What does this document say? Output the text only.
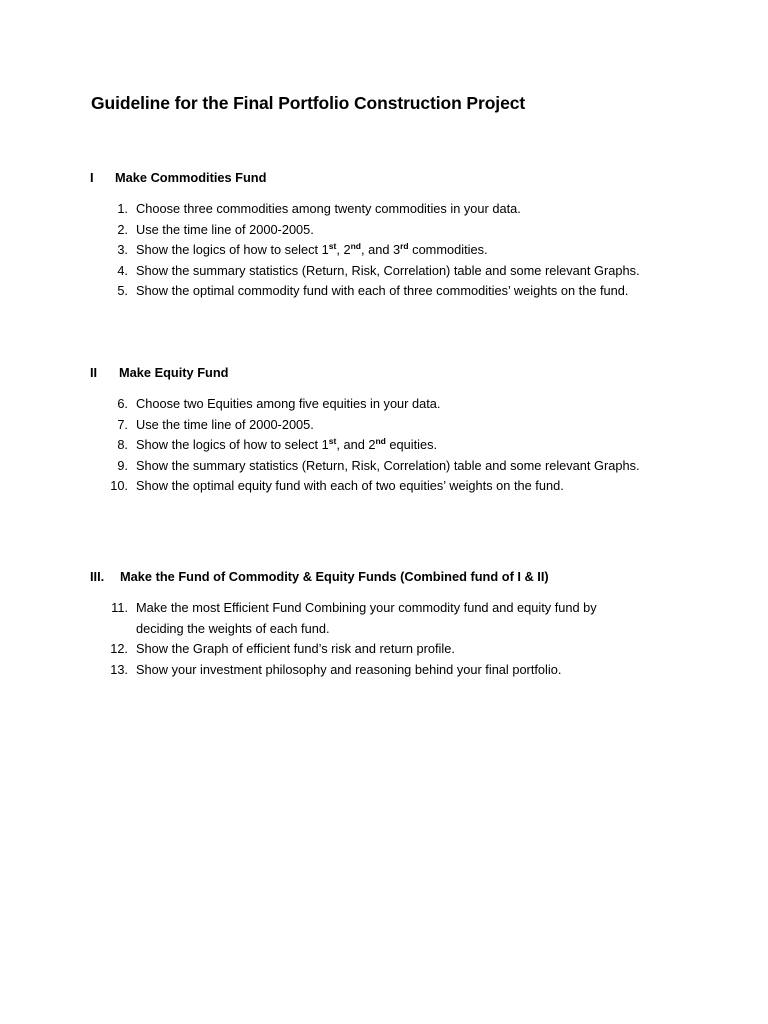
Guideline for the Final Portfolio Construction Project
I Make Commodities Fund
1. Choose three commodities among twenty commodities in your data.
2. Use the time line of 2000-2005.
3. Show the logics of how to select 1st, 2nd, and 3rd commodities.
4. Show the summary statistics (Return, Risk, Correlation) table and some relevant Graphs.
5. Show the optimal commodity fund with each of three commodities’ weights on the fund.
II Make Equity Fund
6. Choose two Equities among five equities in your data.
7. Use the time line of 2000-2005.
8. Show the logics of how to select 1st, and 2nd equities.
9. Show the summary statistics (Return, Risk, Correlation) table and some relevant Graphs.
10. Show the optimal equity fund with each of two equities’ weights on the fund.
III. Make the Fund of Commodity & Equity Funds (Combined fund of I & II)
11. Make the most Efficient Fund Combining your commodity fund and equity fund by deciding the weights of each fund.
12. Show the Graph of efficient fund’s risk and return profile.
13. Show your investment philosophy and reasoning behind your final portfolio.
